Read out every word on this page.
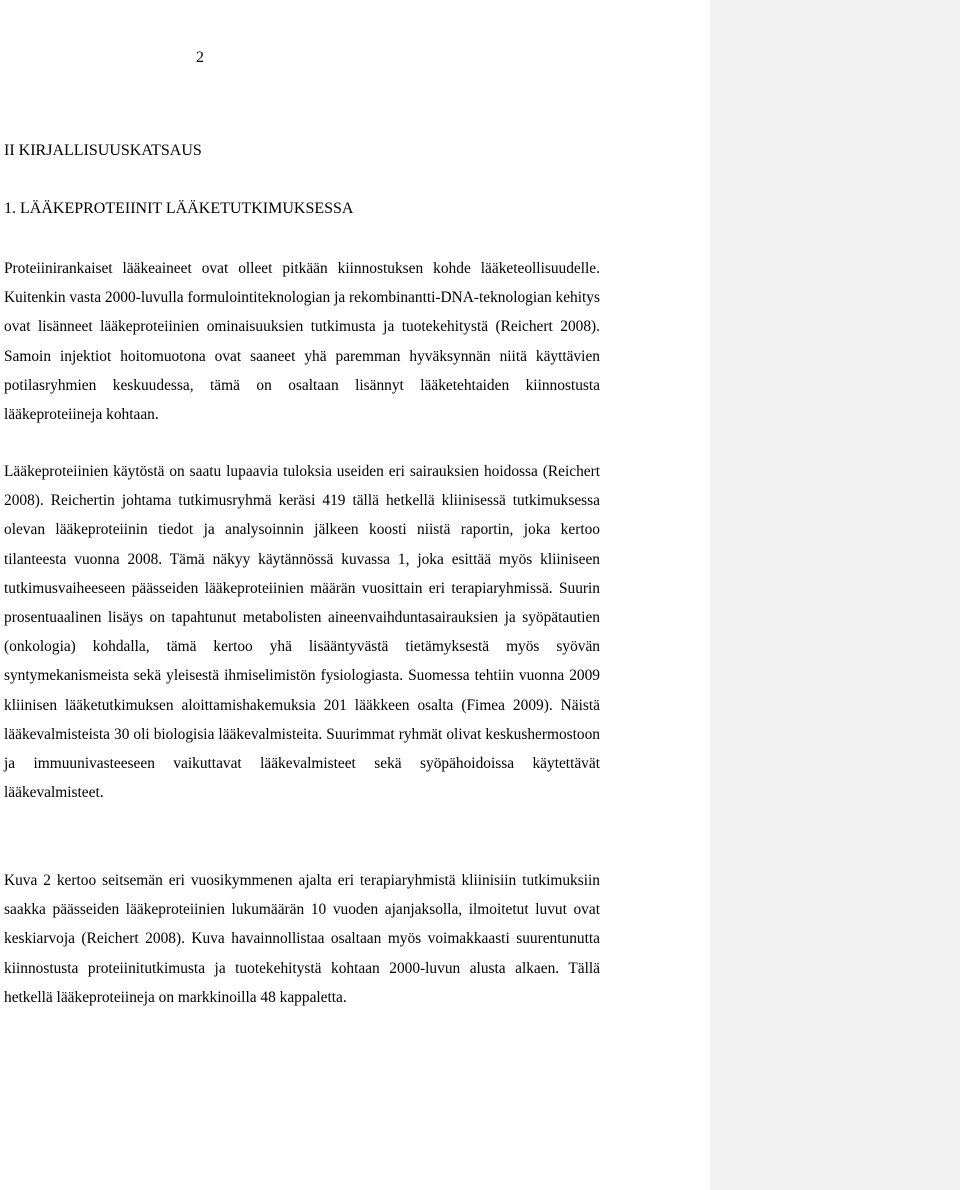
2
II KIRJALLISUUSKATSAUS
1. LÄÄKEPROTEIINIT LÄÄKETUTKIMUKSESSA

Proteiinirankaiset lääkeaineet ovat olleet pitkään kiinnostuksen kohde lääketeollisuudelle. Kuitenkin vasta 2000-luvulla formulointiteknologian ja rekombinantti-DNA-teknologian kehitys ovat lisänneet lääkeproteiinien ominaisuuksien tutkimusta ja tuotekehitystä (Reichert 2008). Samoin injektiot hoitomuotona ovat saaneet yhä paremman hyväksynnän niitä käyttävien potilasryhmien keskuudessa, tämä on osaltaan lisännyt lääketehtaiden kiinnostusta lääkeproteiineja kohtaan.

Lääkeproteiinien käytöstä on saatu lupaavia tuloksia useiden eri sairauksien hoidossa (Reichert 2008). Reichertin johtama tutkimusryhmä keräsi 419 tällä hetkellä kliinisessä tutkimuksessa olevan lääkeproteiinin tiedot ja analysoinnin jälkeen koosti niistä raportin, joka kertoo tilanteesta vuonna 2008. Tämä näkyy käytännössä kuvassa 1, joka esittää myös kliiniseen tutkimusvaiheeseen päässeiden lääkeproteiinien määrän vuosittain eri terapiaryhmissä. Suurin prosentuaalinen lisäys on tapahtunut metabolisten aineenvaihduntasairauksien ja syöpätautien (onkologia) kohdalla, tämä kertoo yhä lisääntyvästä tietämyksestä myös syövän syntymekanismeista sekä yleisestä ihmiselimistön fysiologiasta. Suomessa tehtiin vuonna 2009 kliinisen lääketutkimuksen aloittamishakemuksia 201 lääkkeen osalta (Fimea 2009). Näistä lääkevalmisteista 30 oli biologisia lääkevalmisteita. Suurimmat ryhmät olivat keskushermostoon ja immuunivasteeseen vaikuttavat lääkevalmisteet sekä syöpähoidoissa käytettävät lääkevalmisteet.

Kuva 2 kertoo seitsemän eri vuosikymmenen ajalta eri terapiaryhmistä kliinisiin tutkimuksiin saakka päässeiden lääkeproteiinien lukumäärän 10 vuoden ajanjaksolla, ilmoitetut luvut ovat keskiarvoja (Reichert 2008). Kuva havainnollistaa osaltaan myös voimakkaasti suurentunutta kiinnostusta proteiinitutkimusta ja tuotekehitystä kohtaan 2000-luvun alusta alkaen. Tällä hetkellä lääkeproteiineja on markkinoilla 48 kappaletta.
